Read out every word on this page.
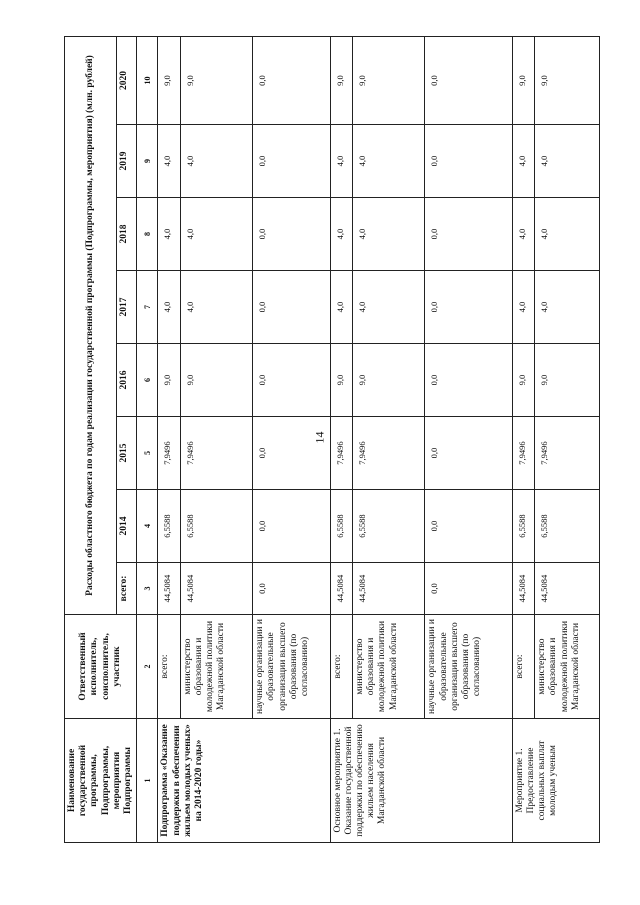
14
Наименование государственной программы, Подпрограммы, мероприятия Подпрограммы	Ответственный исполнитель, соисполнитель, участник	Расходы областного бюджета по годам реализации государственной программы (Подпрограммы, мероприятия) (млн. рублей)							
		всего:	2014	2015	2016	2017	2018	2019	2020
1	2	3	4	5	6	7	8	9	10
Подпрограмма «Оказание поддержки в обеспечении жильем молодых ученых» на 2014-2020 годы»	всего:	44,5084	6,5588	7,9496	9,0	4,0	4,0	4,0	9,0
	министерство образования и молодежной политики Магаданской области	44,5084	6,5588	7,9496	9,0	4,0	4,0	4,0	9,0
	научные организации и образовательные организации высшего образования (по согласованию)	0,0	0,0	0,0	0,0	0,0	0,0	0,0	0,0
Основное мероприятие 1. Оказание государственной поддержки по обеспечению жильем населения Магаданской области	всего:	44,5084	6,5588	7,9496	9,0	4,0	4,0	4,0	9,0
	министерство образования и молодежной политики Магаданской области	44,5084	6,5588	7,9496	9,0	4,0	4,0	4,0	9,0
	научные организации и образовательные организации высшего образования (по согласованию)	0,0	0,0	0,0	0,0	0,0	0,0	0,0	0,0
Мероприятие 1. Предоставление социальных выплат молодым ученым	всего:	44,5084	6,5588	7,9496	9,0	4,0	4,0	4,0	9,0
	министерство образования и молодежной политики Магаданской области	44,5084	6,5588	7,9496	9,0	4,0	4,0	4,0	9,0
